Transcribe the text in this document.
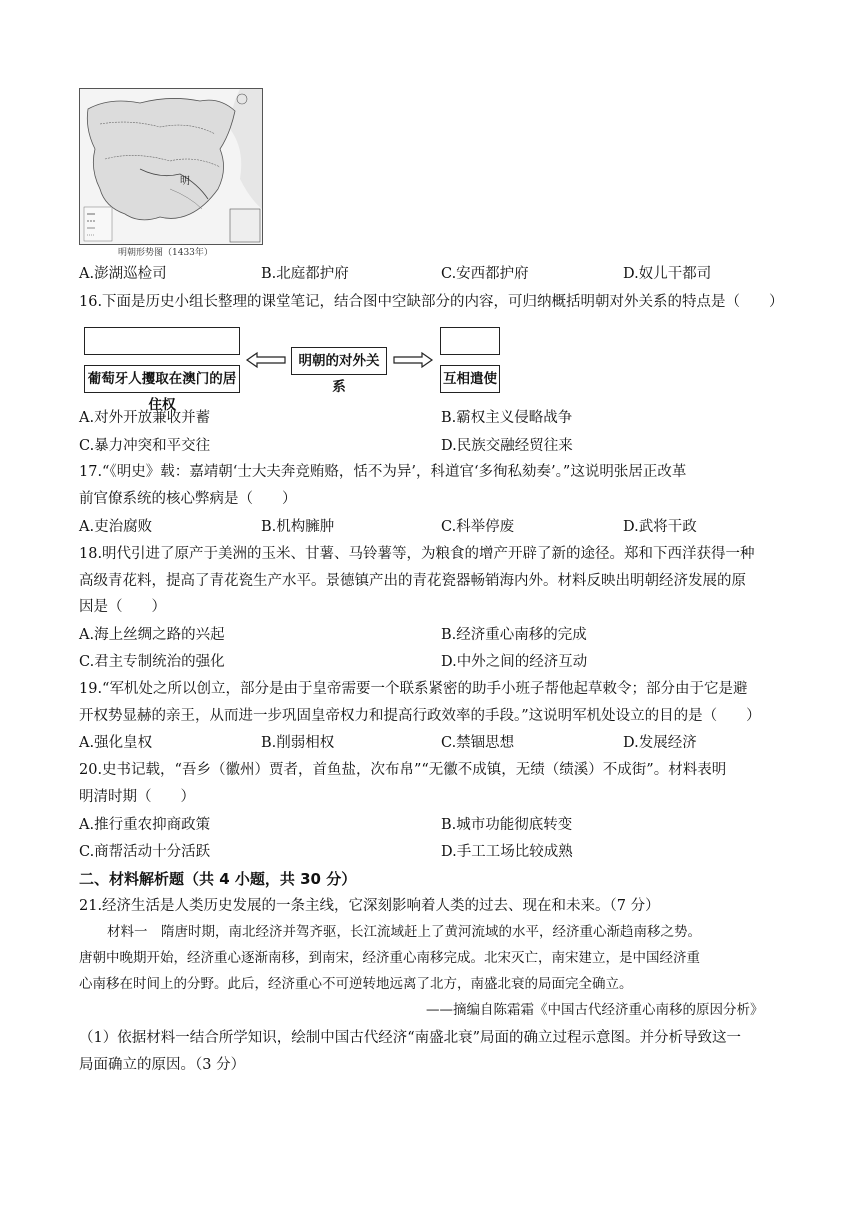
明
明朝形势图（1433年）
A.澎湖巡检司	B.北庭都护府	C.安西都护府	D.奴儿干都司
16.下面是历史小组长整理的课堂笔记，结合图中空缺部分的内容，可归纳概括明朝对外关系的特点是（　　）
葡萄牙人攫取在澳门的居住权
明朝的对外关系	互相遣使
A.对外开放兼收并蓄	B.霸权主义侵略战争
C.暴力冲突和平交往	D.民族交融经贸往来
17.“《明史》载：嘉靖朝‘士大夫奔竞贿赂，恬不为异’，科道官‘多徇私劾奏’。”这说明张居正改革
前官僚系统的核心弊病是（　　）
A.吏治腐败	B.机构臃肿	C.科举停废	D.武将干政
18.明代引进了原产于美洲的玉米、甘薯、马铃薯等，为粮食的增产开辟了新的途径。郑和下西洋获得一种
高级青花料，提高了青花瓷生产水平。景德镇产出的青花瓷器畅销海内外。材料反映出明朝经济发展的原
因是（　　）
A.海上丝绸之路的兴起	B.经济重心南移的完成
C.君主专制统治的强化	D.中外之间的经济互动
19.“军机处之所以创立，部分是由于皇帝需要一个联系紧密的助手小班子帮他起草敕令；部分由于它是避
开权势显赫的亲王，从而进一步巩固皇帝权力和提高行政效率的手段。”这说明军机处设立的目的是（　　）
A.强化皇权	B.削弱相权	C.禁锢思想	D.发展经济
20.史书记载，“吾乡（徽州）贾者，首鱼盐，次布帛”“无徽不成镇，无绩（绩溪）不成街”。材料表明
明清时期（　　）
A.推行重农抑商政策	B.城市功能彻底转变
C.商帮活动十分活跃	D.手工工场比较成熟
二、材料解析题（共 4 小题，共 30 分）
21.经济生活是人类历史发展的一条主线，它深刻影响着人类的过去、现在和未来。（7 分）
材料一　隋唐时期，南北经济并驾齐驱，长江流域赶上了黄河流域的水平，经济重心渐趋南移之势。
唐朝中晚期开始，经济重心逐渐南移，到南宋，经济重心南移完成。北宋灭亡，南宋建立，是中国经济重
心南移在时间上的分野。此后，经济重心不可逆转地远离了北方，南盛北衰的局面完全确立。
——摘编自陈霜霜《中国古代经济重心南移的原因分析》
（1）依据材料一结合所学知识，绘制中国古代经济“南盛北衰”局面的确立过程示意图。并分析导致这一
局面确立的原因。（3 分）
